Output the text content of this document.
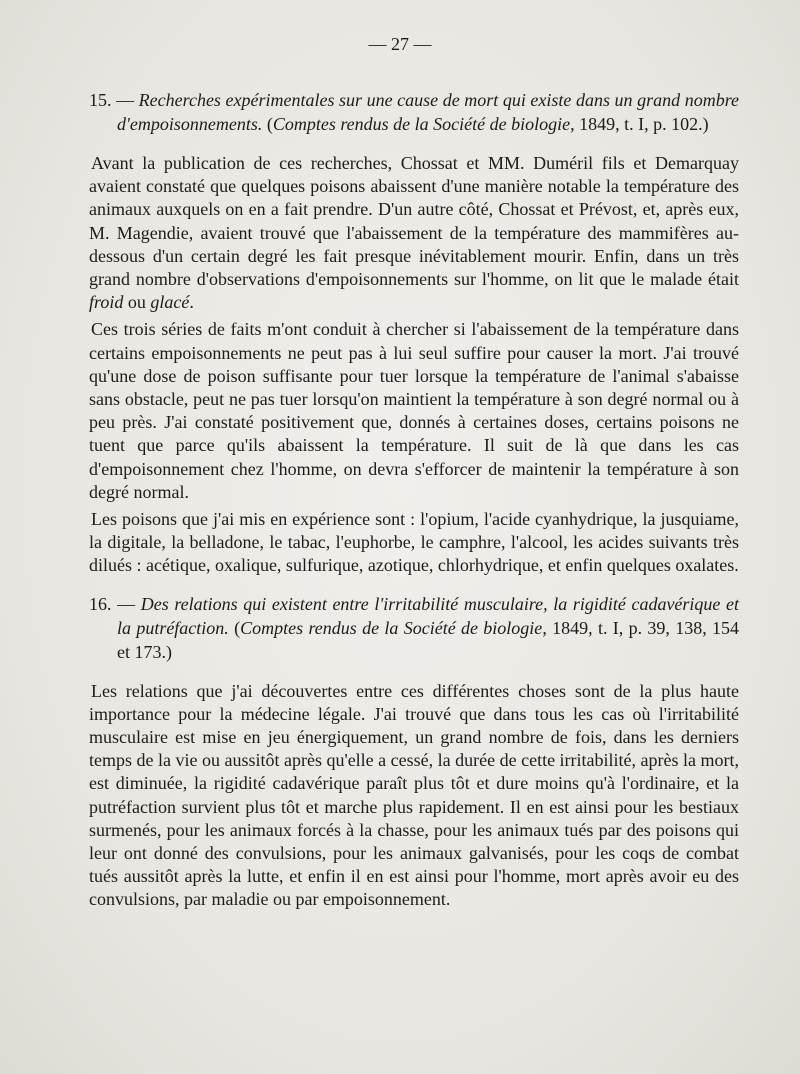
— 27 —
15. — Recherches expérimentales sur une cause de mort qui existe dans un grand nombre d'empoisonnements. (Comptes rendus de la Société de biologie, 1849, t. I, p. 102.)

Avant la publication de ces recherches, Chossat et MM. Duméril fils et Demarquay avaient constaté que quelques poisons abaissent d'une manière notable la température des animaux auxquels on en a fait prendre. D'un autre côté, Chossat et Prévost, et, après eux, M. Magendie, avaient trouvé que l'abaissement de la température des mammifères au-dessous d'un certain degré les fait presque inévitablement mourir. Enfin, dans un très grand nombre d'observations d'empoisonnements sur l'homme, on lit que le malade était froid ou glacé.

Ces trois séries de faits m'ont conduit à chercher si l'abaissement de la température dans certains empoisonnements ne peut pas à lui seul suffire pour causer la mort. J'ai trouvé qu'une dose de poison suffisante pour tuer lorsque la température de l'animal s'abaisse sans obstacle, peut ne pas tuer lorsqu'on maintient la température à son degré normal ou à peu près. J'ai constaté positivement que, donnés à certaines doses, certains poisons ne tuent que parce qu'ils abaissent la température. Il suit de là que dans les cas d'empoisonnement chez l'homme, on devra s'efforcer de maintenir la température à son degré normal.

Les poisons que j'ai mis en expérience sont : l'opium, l'acide cyanhydrique, la jusquiame, la digitale, la belladone, le tabac, l'euphorbe, le camphre, l'alcool, les acides suivants très dilués : acétique, oxalique, sulfurique, azotique, chlorhydrique, et enfin quelques oxalates.

16. — Des relations qui existent entre l'irritabilité musculaire, la rigidité cadavérique et la putréfaction. (Comptes rendus de la Société de biologie, 1849, t. I, p. 39, 138, 154 et 173.)

Les relations que j'ai découvertes entre ces différentes choses sont de la plus haute importance pour la médecine légale. J'ai trouvé que dans tous les cas où l'irritabilité musculaire est mise en jeu énergiquement, un grand nombre de fois, dans les derniers temps de la vie ou aussitôt après qu'elle a cessé, la durée de cette irritabilité, après la mort, est diminuée, la rigidité cadavérique paraît plus tôt et dure moins qu'à l'ordinaire, et la putréfaction survient plus tôt et marche plus rapidement. Il en est ainsi pour les bestiaux surmenés, pour les animaux forcés à la chasse, pour les animaux tués par des poisons qui leur ont donné des convulsions, pour les animaux galvanisés, pour les coqs de combat tués aussitôt après la lutte, et enfin il en est ainsi pour l'homme, mort après avoir eu des convulsions, par maladie ou par empoisonnement.
